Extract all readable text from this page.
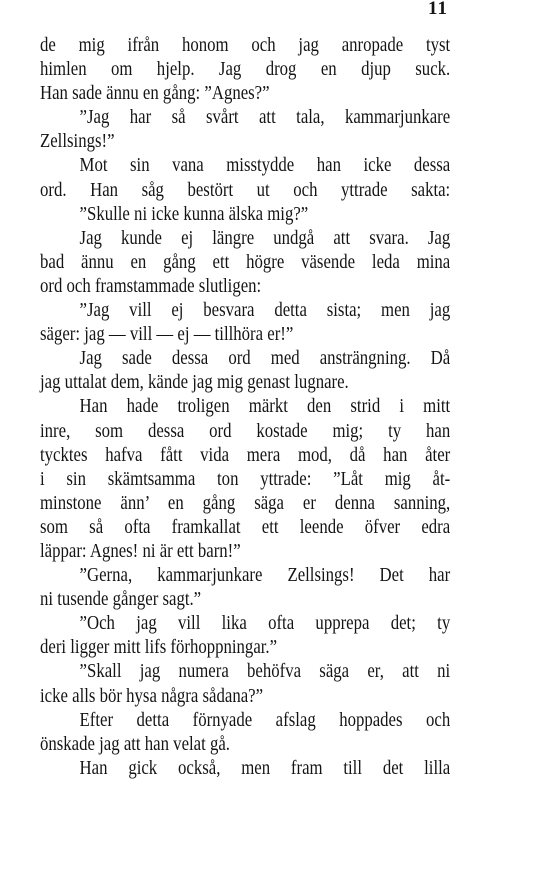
11
de mig ifrån honom och jag anropade tyst
himlen om hjelp. Jag drog en djup suck.
Han sade ännu en gång: ”Agnes?”
”Jag har så svårt att tala, kammarjunkare
Zellsings!”
Mot sin vana misstydde han icke dessa
ord. Han såg bestört ut och yttrade sakta:
”Skulle ni icke kunna älska mig?”
Jag kunde ej längre undgå att svara. Jag
bad ännu en gång ett högre väsende leda mina
ord och framstammade slutligen:
”Jag vill ej besvara detta sista; men jag
säger: jag — vill — ej — tillhöra er!”
Jag sade dessa ord med ansträngning. Då
jag uttalat dem, kände jag mig genast lugnare.
Han hade troligen märkt den strid i mitt
inre, som dessa ord kostade mig; ty han
tycktes hafva fått vida mera mod, då han åter
i sin skämtsamma ton yttrade: ”Låt mig åt-
minstone änn’ en gång säga er denna sanning,
som så ofta framkallat ett leende öfver edra
läppar: Agnes! ni är ett barn!”
”Gerna, kammarjunkare Zellsings! Det har
ni tusende gånger sagt.”
”Och jag vill lika ofta upprepa det; ty
deri ligger mitt lifs förhoppningar.”
”Skall jag numera behöfva säga er, att ni
icke alls bör hysa några sådana?”
Efter detta förnyade afslag hoppades och
önskade jag att han velat gå.
Han gick också, men fram till det lilla
